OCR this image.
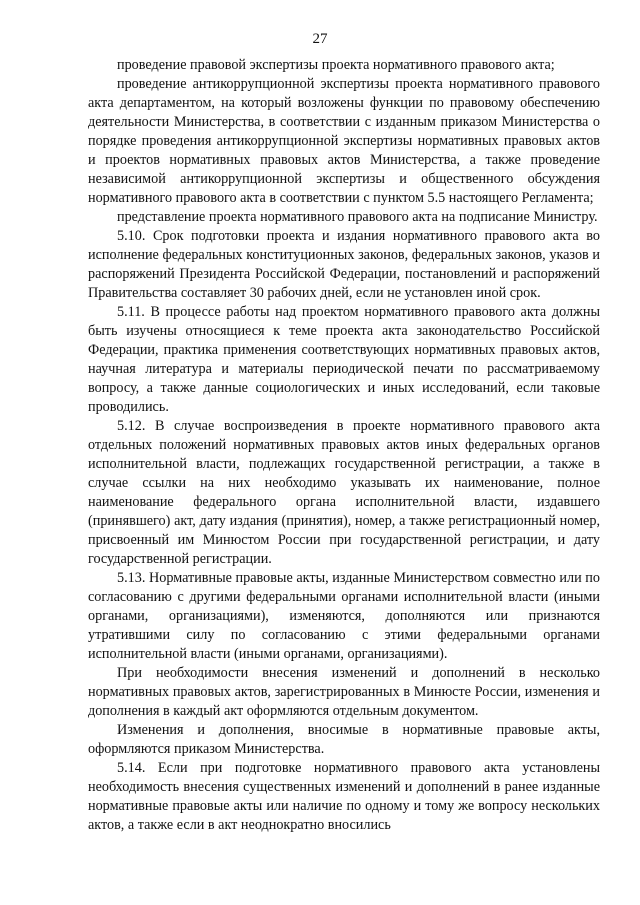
27

проведение правовой экспертизы проекта нормативного правового акта;

проведение антикоррупционной экспертизы проекта нормативного правового акта департаментом, на который возложены функции по правовому обеспечению деятельности Министерства, в соответствии с изданным приказом Министерства о порядке проведения антикоррупционной экспертизы нормативных правовых актов и проектов нормативных правовых актов Министерства, а также проведение независимой антикоррупционной экспертизы и общественного обсуждения нормативного правового акта в соответствии с пунктом 5.5 настоящего Регламента;

представление проекта нормативного правового акта на подписание Министру.

5.10. Срок подготовки проекта и издания нормативного правового акта во исполнение федеральных конституционных законов, федеральных законов, указов и распоряжений Президента Российской Федерации, постановлений и распоряжений Правительства составляет 30 рабочих дней, если не установлен иной срок.

5.11. В процессе работы над проектом нормативного правового акта должны быть изучены относящиеся к теме проекта акта законодательство Российской Федерации, практика применения соответствующих нормативных правовых актов, научная литература и материалы периодической печати по рассматриваемому вопросу, а также данные социологических и иных исследований, если таковые проводились.

5.12. В случае воспроизведения в проекте нормативного правового акта отдельных положений нормативных правовых актов иных федеральных органов исполнительной власти, подлежащих государственной регистрации, а также в случае ссылки на них необходимо указывать их наименование, полное наименование федерального органа исполнительной власти, издавшего (принявшего) акт, дату издания (принятия), номер, а также регистрационный номер, присвоенный им Минюстом России при государственной регистрации, и дату государственной регистрации.

5.13. Нормативные правовые акты, изданные Министерством совместно или по согласованию с другими федеральными органами исполнительной власти (иными органами, организациями), изменяются, дополняются или признаются утратившими силу по согласованию с этими федеральными органами исполнительной власти (иными органами, организациями).

При необходимости внесения изменений и дополнений в несколько нормативных правовых актов, зарегистрированных в Минюсте России, изменения и дополнения в каждый акт оформляются отдельным документом.

Изменения и дополнения, вносимые в нормативные правовые акты, оформляются приказом Министерства.

5.14. Если при подготовке нормативного правового акта установлены необходимость внесения существенных изменений и дополнений в ранее изданные нормативные правовые акты или наличие по одному и тому же вопросу нескольких актов, а также если в акт неоднократно вносились
